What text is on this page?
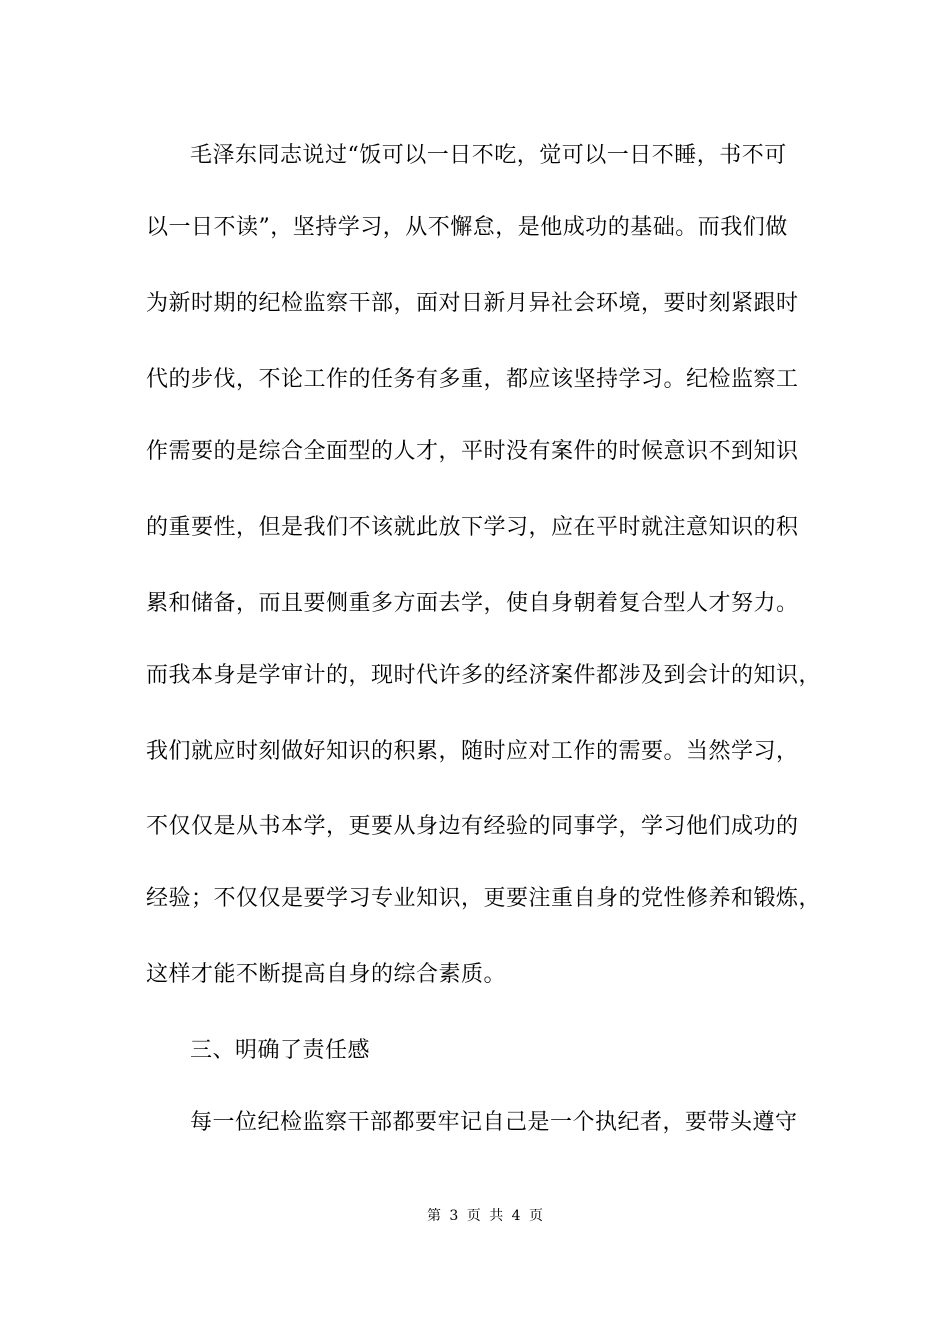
毛泽东同志说过“饭可以一日不吃，觉可以一日不睡，书不可
以一日不读”，坚持学习，从不懈怠，是他成功的基础。而我们做
为新时期的纪检监察干部，面对日新月异社会环境，要时刻紧跟时
代的步伐，不论工作的任务有多重，都应该坚持学习。纪检监察工
作需要的是综合全面型的人才，平时没有案件的时候意识不到知识
的重要性，但是我们不该就此放下学习，应在平时就注意知识的积
累和储备，而且要侧重多方面去学，使自身朝着复合型人才努力。
而我本身是学审计的，现时代许多的经济案件都涉及到会计的知识，
我们就应时刻做好知识的积累，随时应对工作的需要。当然学习，
不仅仅是从书本学，更要从身边有经验的同事学，学习他们成功的
经验；不仅仅是要学习专业知识，更要注重自身的党性修养和锻炼，
这样才能不断提高自身的综合素质。
三、明确了责任感
每一位纪检监察干部都要牢记自己是一个执纪者，要带头遵守
第 3 页 共 4 页
